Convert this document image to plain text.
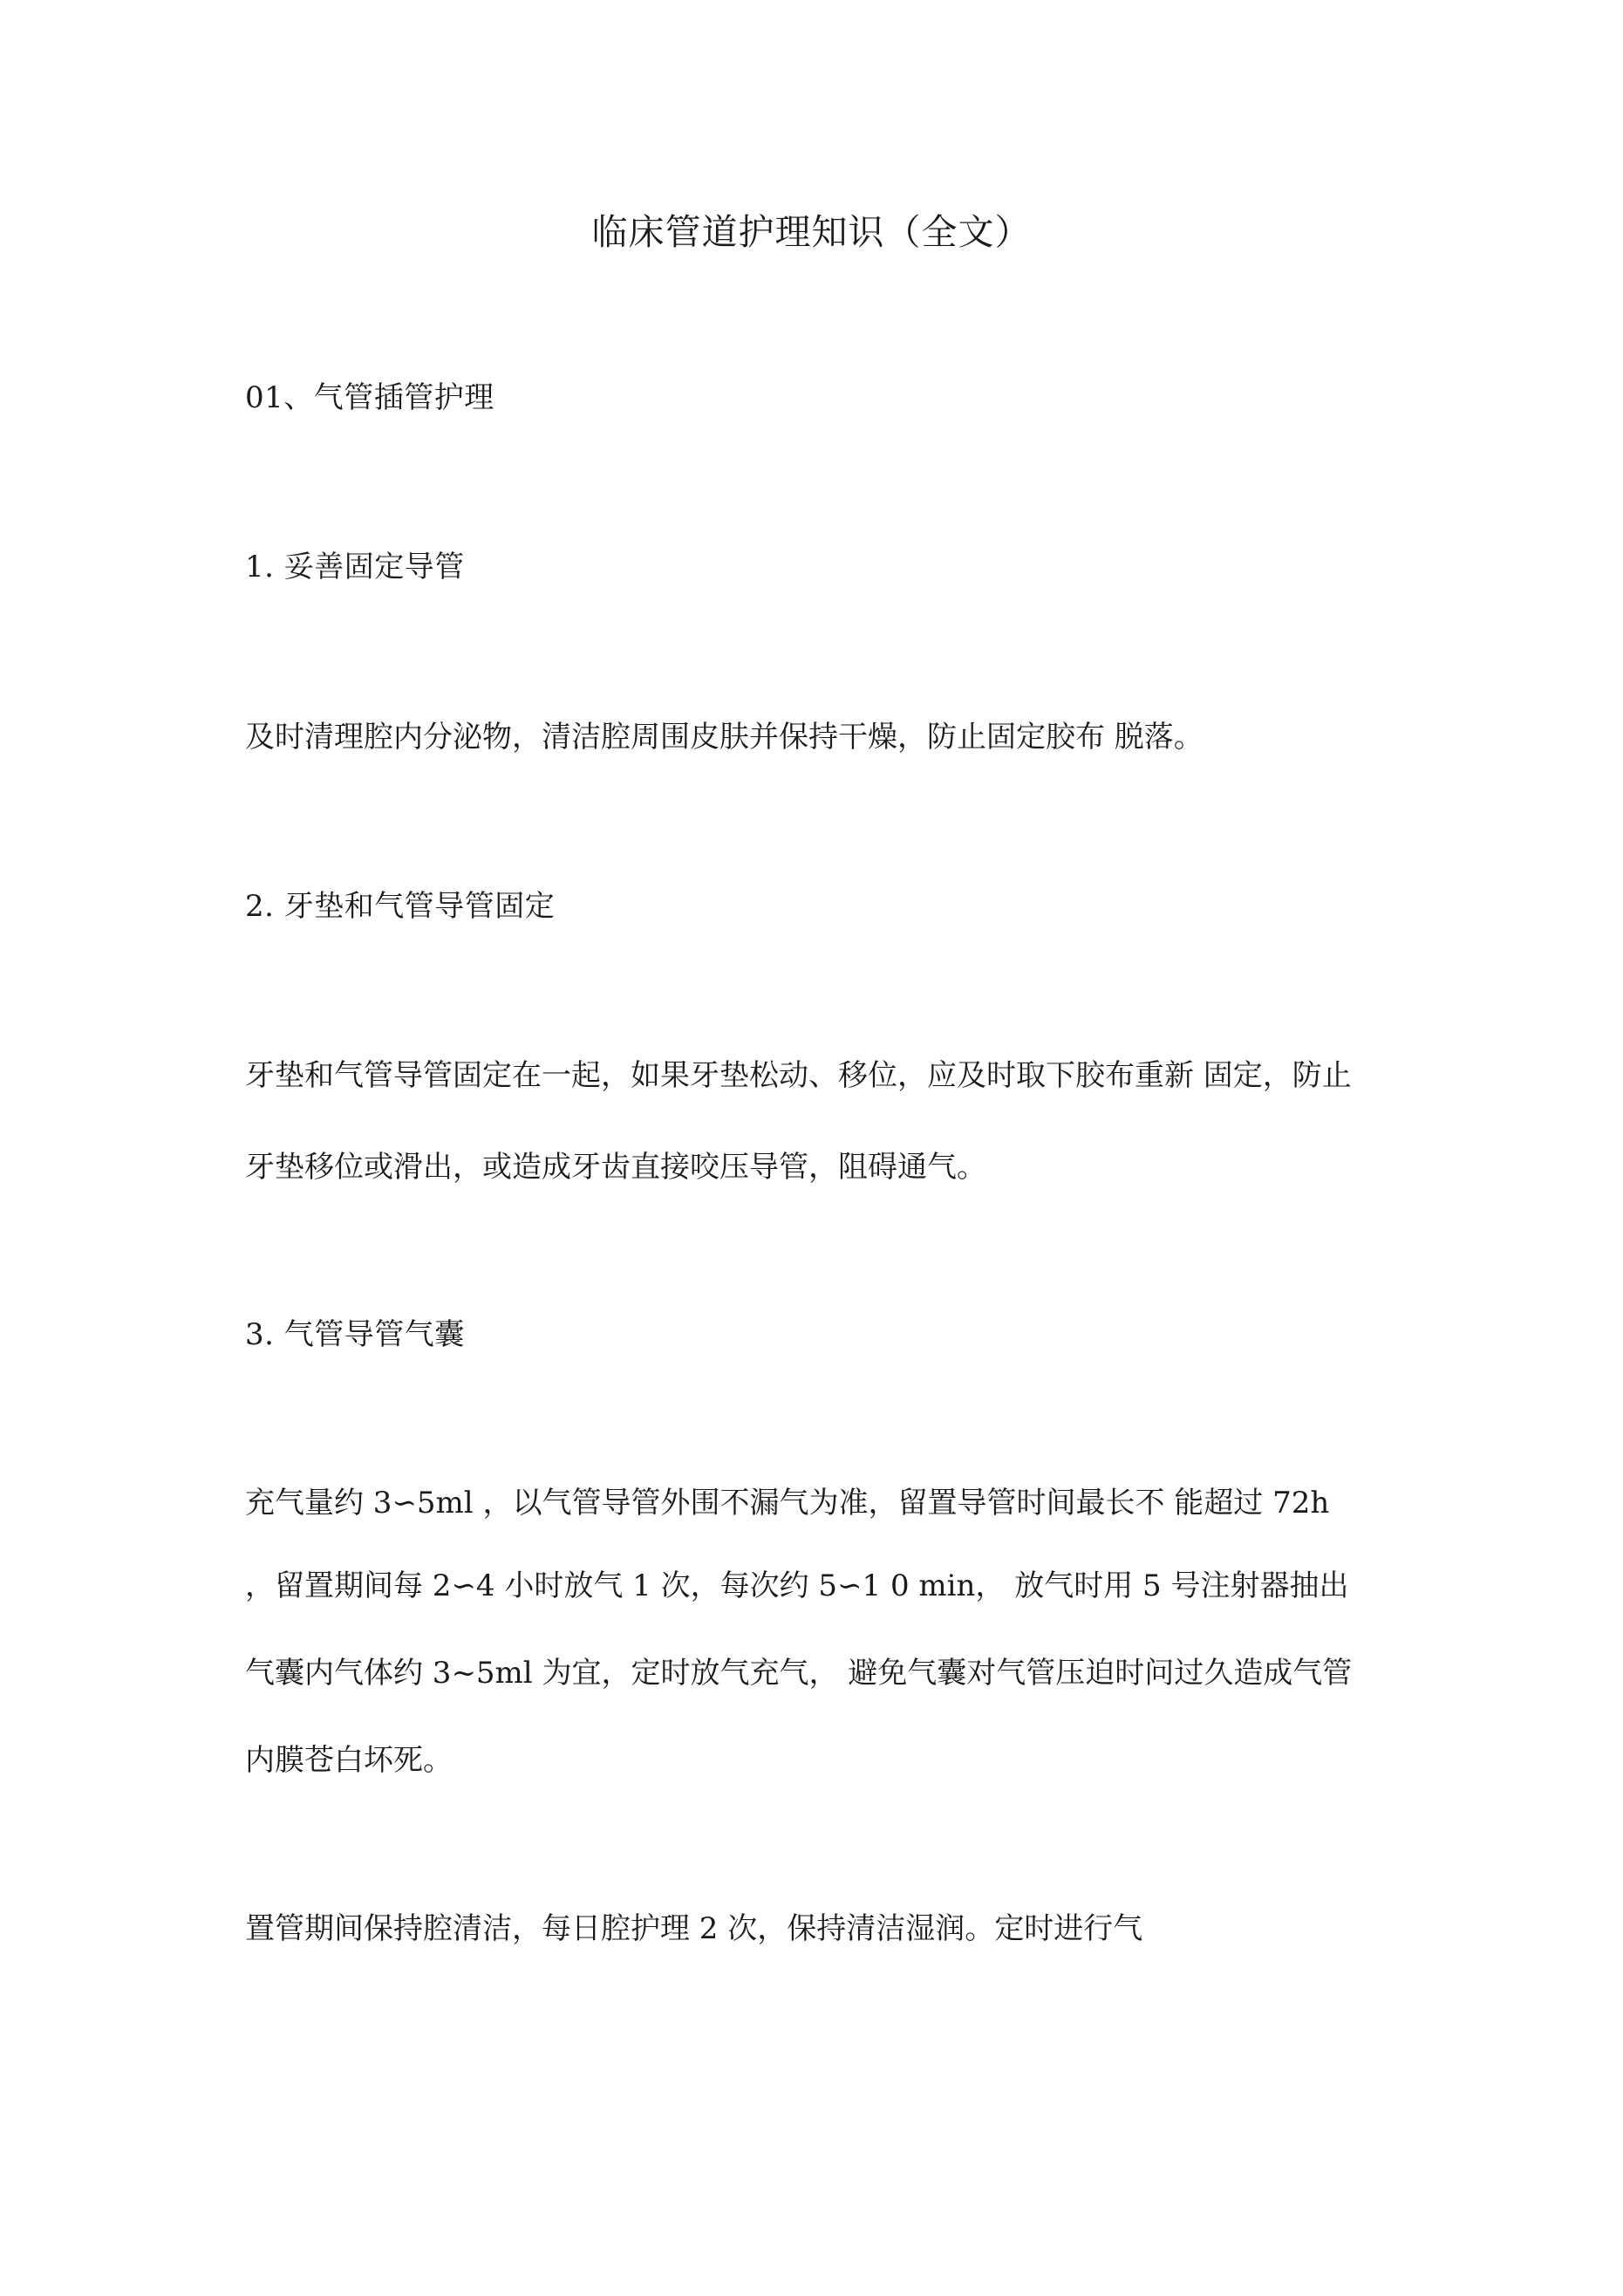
临床管道护理知识（全文）
01、气管插管护理
1. 妥善固定导管
及时清理腔内分泌物，清洁腔周围皮肤并保持干燥，防止固定胶布 脱落。
2. 牙垫和气管导管固定
牙垫和气管导管固定在一起，如果牙垫松动、移位，应及时取下胶布重新 固定，防止
牙垫移位或滑出，或造成牙齿直接咬压导管，阻碍通气。
3. 气管导管气囊
充气量约 3∽5ml ，以气管导管外围不漏气为准，留置导管时间最长不 能超过 72h
，留置期间每 2∽4 小时放气 1 次，每次约 5∽1 0 min， 放气时用 5 号注射器抽出
气囊内气体约 3~5ml 为宜，定时放气充气， 避免气囊对气管压迫时问过久造成气管
内膜苍白坏死。
置管期间保持腔清洁，每日腔护理 2 次，保持清洁湿润。定时进行气
